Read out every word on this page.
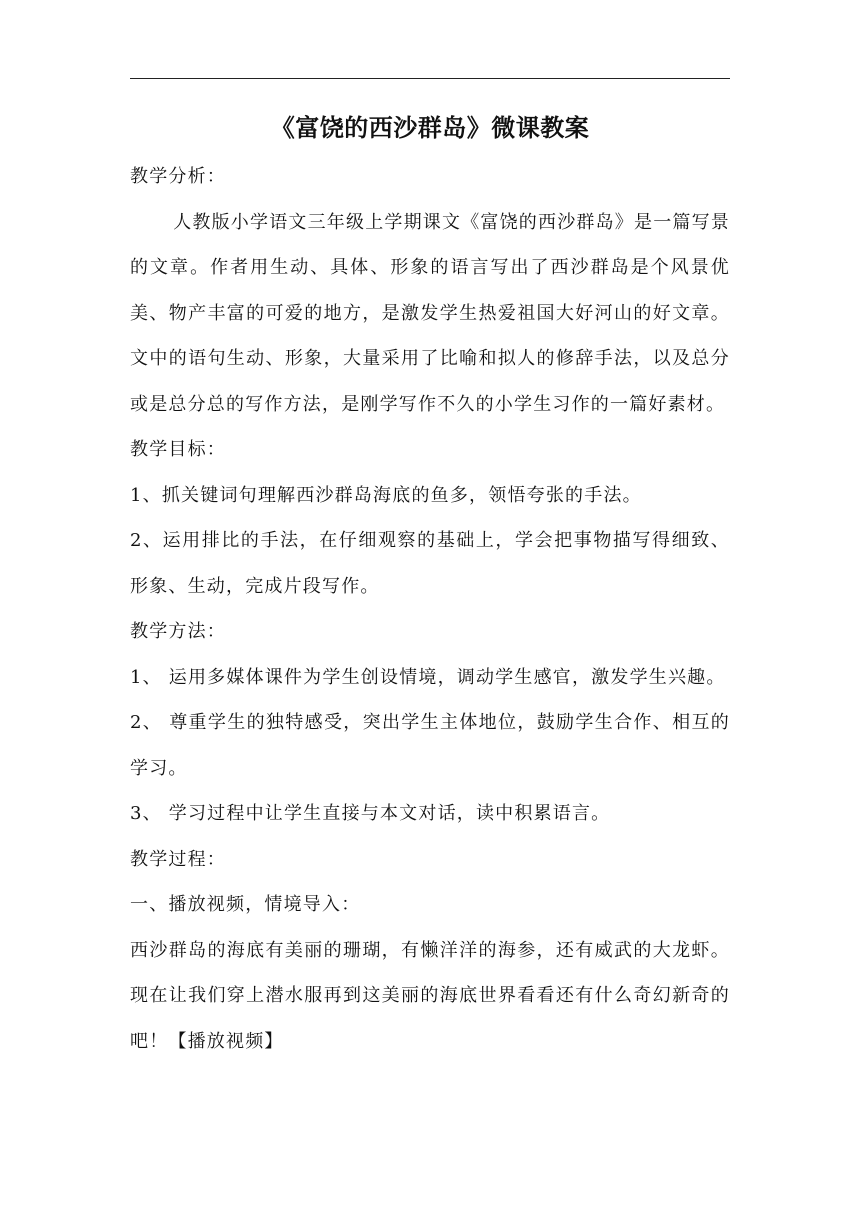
《富饶的西沙群岛》微课教案

教学分析：

人教版小学语文三年级上学期课文《富饶的西沙群岛》是一篇写景的文章。作者用生动、具体、形象的语言写出了西沙群岛是个风景优美、物产丰富的可爱的地方，是激发学生热爱祖国大好河山的好文章。文中的语句生动、形象，大量采用了比喻和拟人的修辞手法，以及总分或是总分总的写作方法，是刚学写作不久的小学生习作的一篇好素材。

教学目标：

1、抓关键词句理解西沙群岛海底的鱼多，领悟夸张的手法。

2、运用排比的手法，在仔细观察的基础上，学会把事物描写得细致、形象、生动，完成片段写作。

教学方法：

1、 运用多媒体课件为学生创设情境，调动学生感官，激发学生兴趣。

2、 尊重学生的独特感受，突出学生主体地位，鼓励学生合作、相互的学习。

3、 学习过程中让学生直接与本文对话，读中积累语言。

教学过程：

一、播放视频，情境导入：

西沙群岛的海底有美丽的珊瑚，有懒洋洋的海参，还有威武的大龙虾。现在让我们穿上潜水服再到这美丽的海底世界看看还有什么奇幻新奇的吧！【播放视频】
